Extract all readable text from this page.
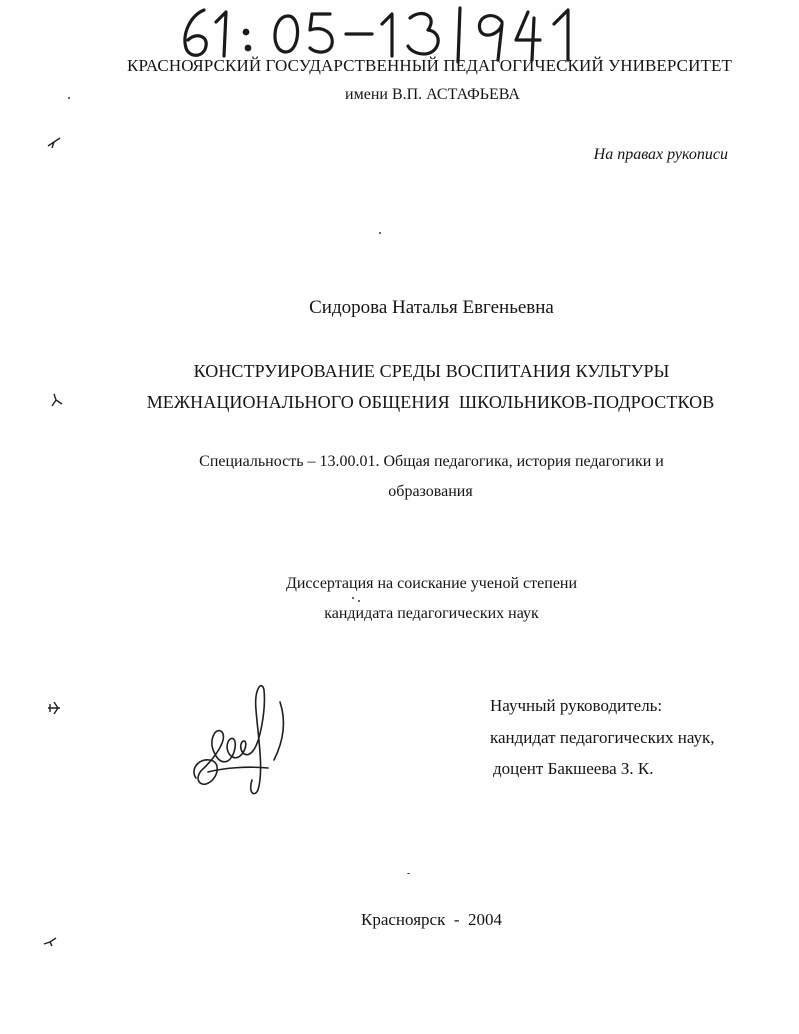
КРАСНОЯРСКИЙ ГОСУДАРСТВЕННЫЙ ПЕДАГОГИЧЕСКИЙ УНИВЕРСИТЕТ
имени В.П. АСТАФЬЕВА
На правах рукописи
Сидорова Наталья Евгеньевна
КОНСТРУИРОВАНИЕ СРЕДЫ ВОСПИТАНИЯ КУЛЬТУРЫ
МЕЖНАЦИОНАЛЬНОГО ОБЩЕНИЯ  ШКОЛЬНИКОВ-ПОДРОСТКОВ
Специальность – 13.00.01. Общая педагогика, история педагогики и
образования
Диссертация на соискание ученой степени
кандидата педагогических наук
Научный руководитель:
кандидат педагогических наук,
доцент Бакшеева З. К.
Красноярск - 2004
